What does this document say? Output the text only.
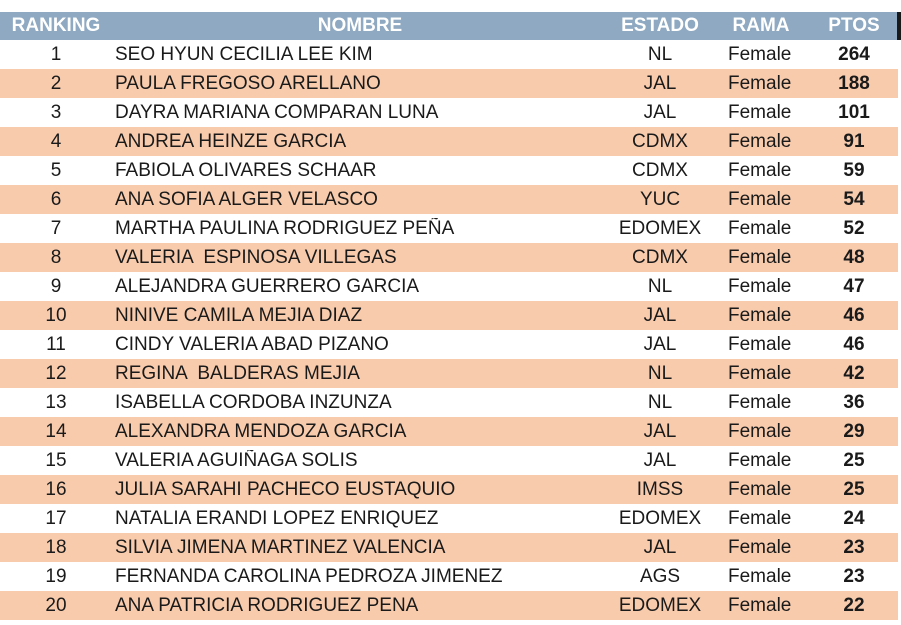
RANKING	NOMBRE	ESTADO	RAMA	PTOS
1	SEO HYUN CECILIA LEE KIM	NL	Female	264
2	PAULA FREGOSO ARELLANO	JAL	Female	188
3	DAYRA MARIANA COMPARAN LUNA	JAL	Female	101
4	ANDREA HEINZE GARCIA	CDMX	Female	91
5	FABIOLA OLIVARES SCHAAR	CDMX	Female	59
6	ANA SOFIA ALGER VELASCO	YUC	Female	54
7	MARTHA PAULINA RODRIGUEZ PEÑA	EDOMEX	Female	52
8	VALERIA  ESPINOSA VILLEGAS	CDMX	Female	48
9	ALEJANDRA GUERRERO GARCIA	NL	Female	47
10	NINIVE CAMILA MEJIA DIAZ	JAL	Female	46
11	CINDY VALERIA ABAD PIZANO	JAL	Female	46
12	REGINA  BALDERAS MEJIA	NL	Female	42
13	ISABELLA CORDOBA INZUNZA	NL	Female	36
14	ALEXANDRA MENDOZA GARCIA	JAL	Female	29
15	VALERIA AGUIÑAGA SOLIS	JAL	Female	25
16	JULIA SARAHI PACHECO EUSTAQUIO	IMSS	Female	25
17	NATALIA ERANDI LOPEZ ENRIQUEZ	EDOMEX	Female	24
18	SILVIA JIMENA MARTINEZ VALENCIA	JAL	Female	23
19	FERNANDA CAROLINA PEDROZA JIMENEZ	AGS	Female	23
20	ANA PATRICIA RODRIGUEZ PENA	EDOMEX	Female	22
